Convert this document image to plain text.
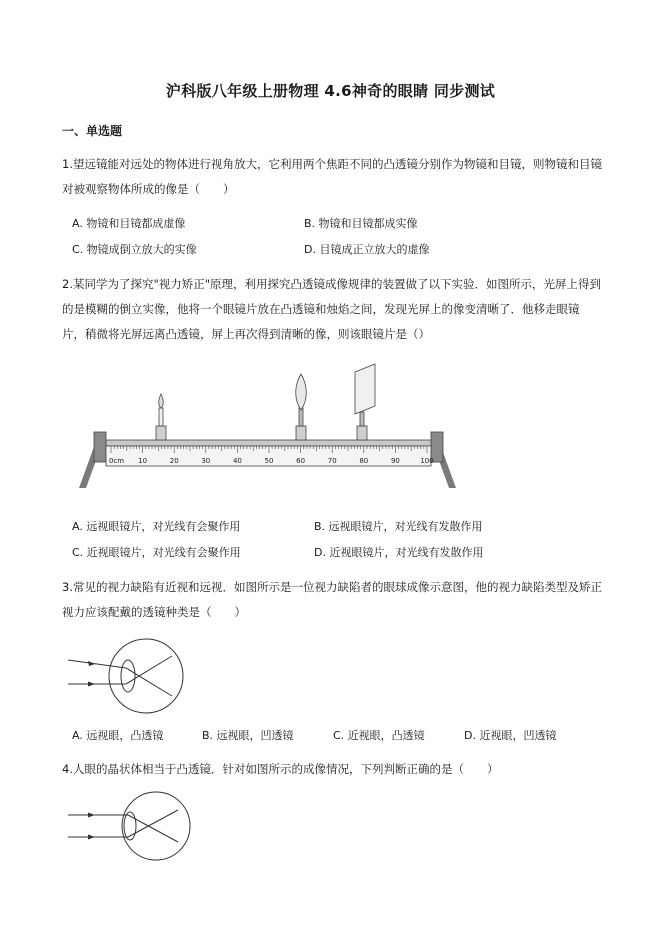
沪科版八年级上册物理 4.6神奇的眼睛 同步测试
一、单选题
1.望远镜能对远处的物体进行视角放大，它利用两个焦距不同的凸透镜分别作为物镜和目镜，则物镜和目镜对被观察物体所成的像是（　　）
A. 物镜和目镜都成虚像	B. 物镜和目镜都成实像
C. 物镜成倒立放大的实像	D. 目镜成正立放大的虚像
2.某同学为了探究"视力矫正"原理，利用探究凸透镜成像规律的装置做了以下实验．如图所示，光屏上得到的是模糊的倒立实像，他将一个眼镜片放在凸透镜和烛焰之间，发现光屏上的像变清晰了．他移走眼镜片，稍微将光屏远离凸透镜，屏上再次得到清晰的像，则该眼镜片是（）
0cm 10	20	30	40	50	60	70	80	90	100
A. 远视眼镜片，对光线有会聚作用	B. 远视眼镜片，对光线有发散作用
C. 近视眼镜片，对光线有会聚作用	D. 近视眼镜片，对光线有发散作用
3.常见的视力缺陷有近视和远视．如图所示是一位视力缺陷者的眼球成像示意图，他的视力缺陷类型及矫正视力应该配戴的透镜种类是（　　）
A. 远视眼，凸透镜	B. 远视眼，凹透镜	C. 近视眼，凸透镜	D. 近视眼，凹透镜
4.人眼的晶状体相当于凸透镜．针对如图所示的成像情况，下列判断正确的是（　　）
